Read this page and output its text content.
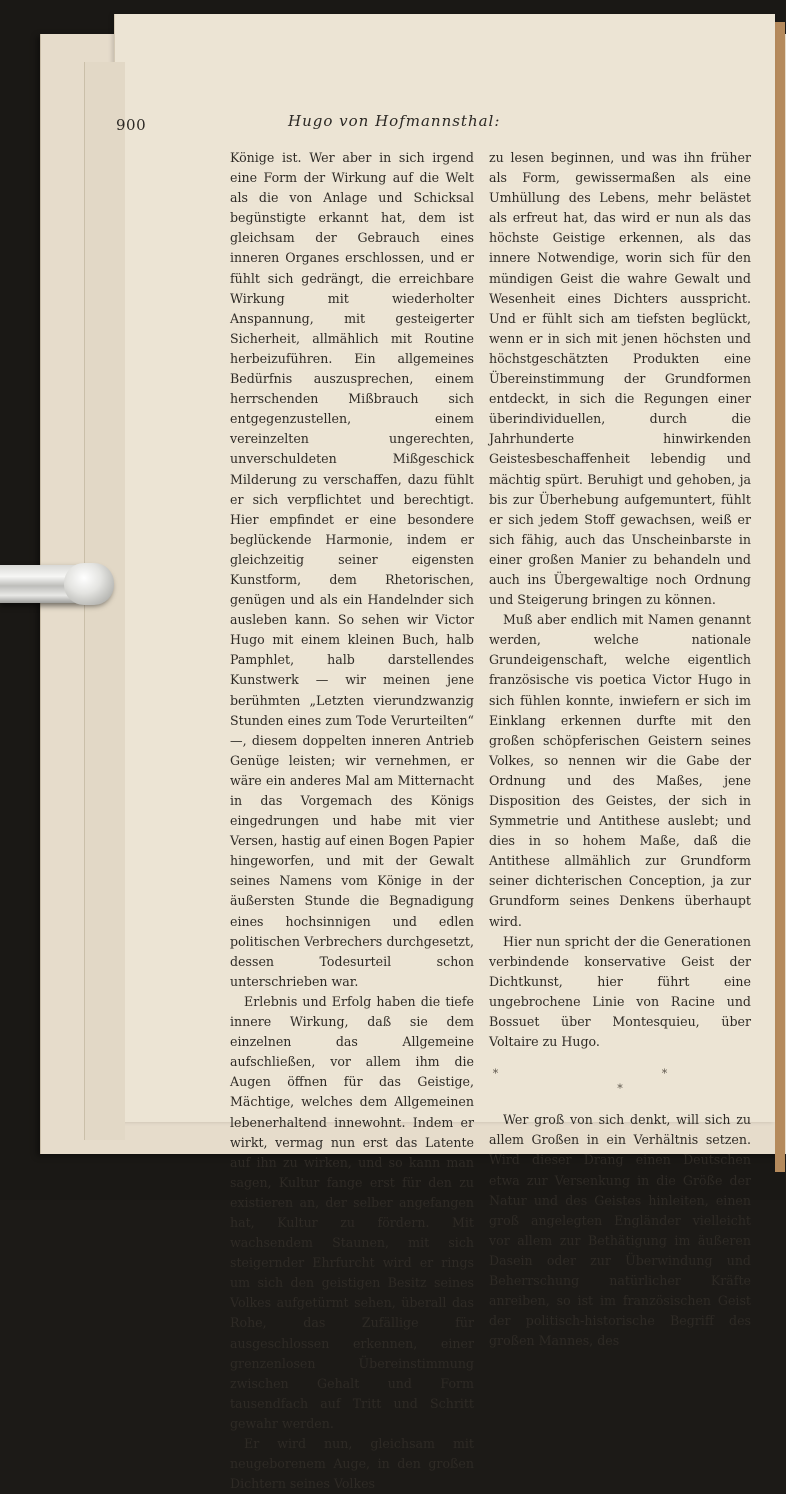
900	Hugo von Hofmannsthal:

Könige ist. Wer aber in sich irgend eine Form der Wirkung auf die Welt als die von Anlage und Schicksal begünstigte erkannt hat, dem ist gleichsam der Gebrauch eines inneren Organes erschlossen, und er fühlt sich gedrängt, die erreichbare Wirkung mit wiederholter Anspannung, mit gesteigerter Sicherheit, allmählich mit Routine herbeizuführen. Ein allgemeines Bedürfnis auszusprechen, einem herrschenden Mißbrauch sich entgegenzustellen, einem vereinzelten ungerechten, unverschuldeten Mißgeschick Milderung zu verschaffen, dazu fühlt er sich verpflichtet und berechtigt. Hier empfindet er eine besondere beglückende Harmonie, indem er gleichzeitig seiner eigensten Kunstform, dem Rhetorischen, genügen und als ein Handelnder sich ausleben kann. So sehen wir Victor Hugo mit einem kleinen Buch, halb Pamphlet, halb darstellendes Kunstwerk — wir meinen jene berühmten „Letzten vierundzwanzig Stunden eines zum Tode Verurteilten“ —, diesem doppelten inneren Antrieb Genüge leisten; wir vernehmen, er wäre ein anderes Mal am Mitternacht in das Vorgemach des Königs eingedrungen und habe mit vier Versen, hastig auf einen Bogen Papier hingeworfen, und mit der Gewalt seines Namens vom Könige in der äußersten Stunde die Begnadigung eines hochsinnigen und edlen politischen Verbrechers durchgesetzt, dessen Todesurteil schon unterschrieben war.

Erlebnis und Erfolg haben die tiefe innere Wirkung, daß sie dem einzelnen das Allgemeine aufschließen, vor allem ihm die Augen öffnen für das Geistige, Mächtige, welches dem Allgemeinen lebenerhaltend innewohnt. Indem er wirkt, vermag nun erst das Latente auf ihn zu wirken, und so kann man sagen, Kultur fange erst für den zu existieren an, der selber angefangen hat, Kultur zu fördern. Mit wachsendem Staunen, mit sich steigernder Ehrfurcht wird er rings um sich den geistigen Besitz seines Volkes aufgetürmt sehen, überall das Rohe, das Zufällige für ausgeschlossen erkennen, einer grenzenlosen Übereinstimmung zwischen Gehalt und Form tausendfach auf Tritt und Schritt gewahr werden.

Er wird nun, gleichsam mit neugeborenem Auge, in den großen Dichtern seines Volkes

zu lesen beginnen, und was ihn früher als Form, gewissermaßen als eine Umhüllung des Lebens, mehr belästet als erfreut hat, das wird er nun als das höchste Geistige erkennen, als das innere Notwendige, worin sich für den mündigen Geist die wahre Gewalt und Wesenheit eines Dichters ausspricht. Und er fühlt sich am tiefsten beglückt, wenn er in sich mit jenen höchsten und höchstgeschätzten Produkten eine Übereinstimmung der Grundformen entdeckt, in sich die Regungen einer überindividuellen, durch die Jahrhunderte hinwirkenden Geistesbeschaffenheit lebendig und mächtig spürt. Beruhigt und gehoben, ja bis zur Überhebung aufgemuntert, fühlt er sich jedem Stoff gewachsen, weiß er sich fähig, auch das Unscheinbarste in einer großen Manier zu behandeln und auch ins Übergewaltige noch Ordnung und Steigerung bringen zu können.

Muß aber endlich mit Namen genannt werden, welche nationale Grundeigenschaft, welche eigentlich französische vis poetica Victor Hugo in sich fühlen konnte, inwiefern er sich im Einklang erkennen durfte mit den großen schöpferischen Geistern seines Volkes, so nennen wir die Gabe der Ordnung und des Maßes, jene Disposition des Geistes, der sich in Symmetrie und Antithese auslebt; und dies in so hohem Maße, daß die Antithese allmählich zur Grundform seiner dichterischen Conception, ja zur Grundform seines Denkens überhaupt wird.

Hier nun spricht der die Generationen verbindende konservative Geist der Dichtkunst, hier führt eine ungebrochene Linie von Racine und Bossuet über Montesquieu, über Voltaire zu Hugo.

* *
*

Wer groß von sich denkt, will sich zu allem Großen in ein Verhältnis setzen. Wird dieser Drang einen Deutschen etwa zur Versenkung in die Größe der Natur und des Geistes hinleiten, einen groß angelegten Engländer vielleicht vor allem zur Bethätigung im äußeren Dasein oder zur Überwindung und Beherrschung natürlicher Kräfte anreiben, so ist im französischen Geist der politisch-historische Begriff des großen Mannes, des
